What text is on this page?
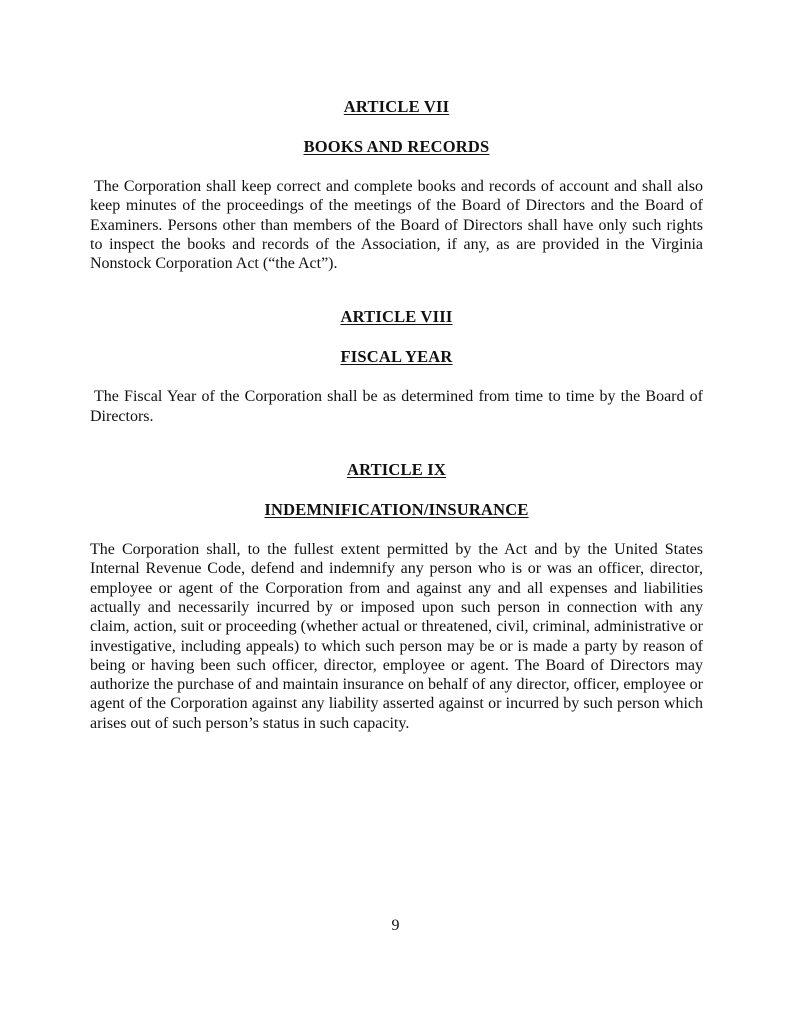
ARTICLE VII
BOOKS AND RECORDS

The Corporation shall keep correct and complete books and records of account and shall also keep minutes of the proceedings of the meetings of the Board of Directors and the Board of Examiners. Persons other than members of the Board of Directors shall have only such rights to inspect the books and records of the Association, if any, as are provided in the Virginia Nonstock Corporation Act (“the Act”).

ARTICLE VIII
FISCAL YEAR

The Fiscal Year of the Corporation shall be as determined from time to time by the Board of Directors.

ARTICLE IX
INDEMNIFICATION/INSURANCE

The Corporation shall, to the fullest extent permitted by the Act and by the United States Internal Revenue Code, defend and indemnify any person who is or was an officer, director, employee or agent of the Corporation from and against any and all expenses and liabilities actually and necessarily incurred by or imposed upon such person in connection with any claim, action, suit or proceeding (whether actual or threatened, civil, criminal, administrative or investigative, including appeals) to which such person may be or is made a party by reason of being or having been such officer, director, employee or agent. The Board of Directors may authorize the purchase of and maintain insurance on behalf of any director, officer, employee or agent of the Corporation against any liability asserted against or incurred by such person which arises out of such person’s status in such capacity.

9
